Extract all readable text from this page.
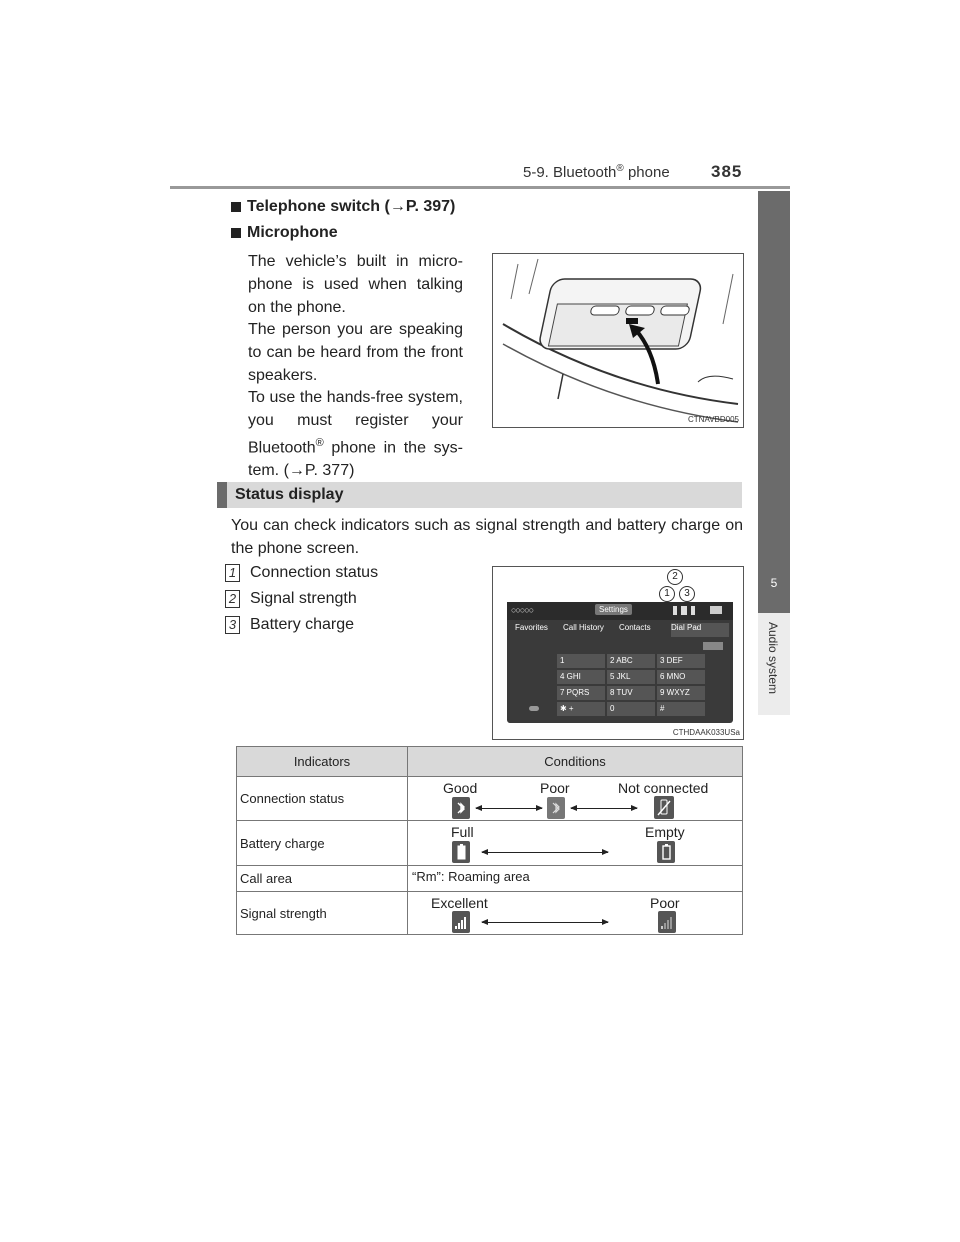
5-9. Bluetooth® phone 385
5
Audio system
Telephone switch (→P. 397)
Microphone
The vehicle’s built in micro-phone is used when talking on the phone.
The person you are speaking to can be heard from the front speakers.
To use the hands-free system, you must register your Bluetooth® phone in the sys-tem. (→P. 377)
CTNAVBD005
Status display
You can check indicators such as signal strength and battery charge on the phone screen.
1 Connection status
2 Signal strength
3 Battery charge
2
1	3
○○○○○	Settings
Favorites	Call History	Contacts	Dial Pad
1	2 ABC	3 DEF
4 GHI	5 JKL	6 MNO
7 PQRS	8 TUV	9 WXYZ
✱ +	0	#
CTHDAAK033USa
Indicators	Conditions
Connection status	Good Poor Not connected

Battery charge	Full Empty

Call area	“Rm”: Roaming area
Signal strength	Excellent Poor
